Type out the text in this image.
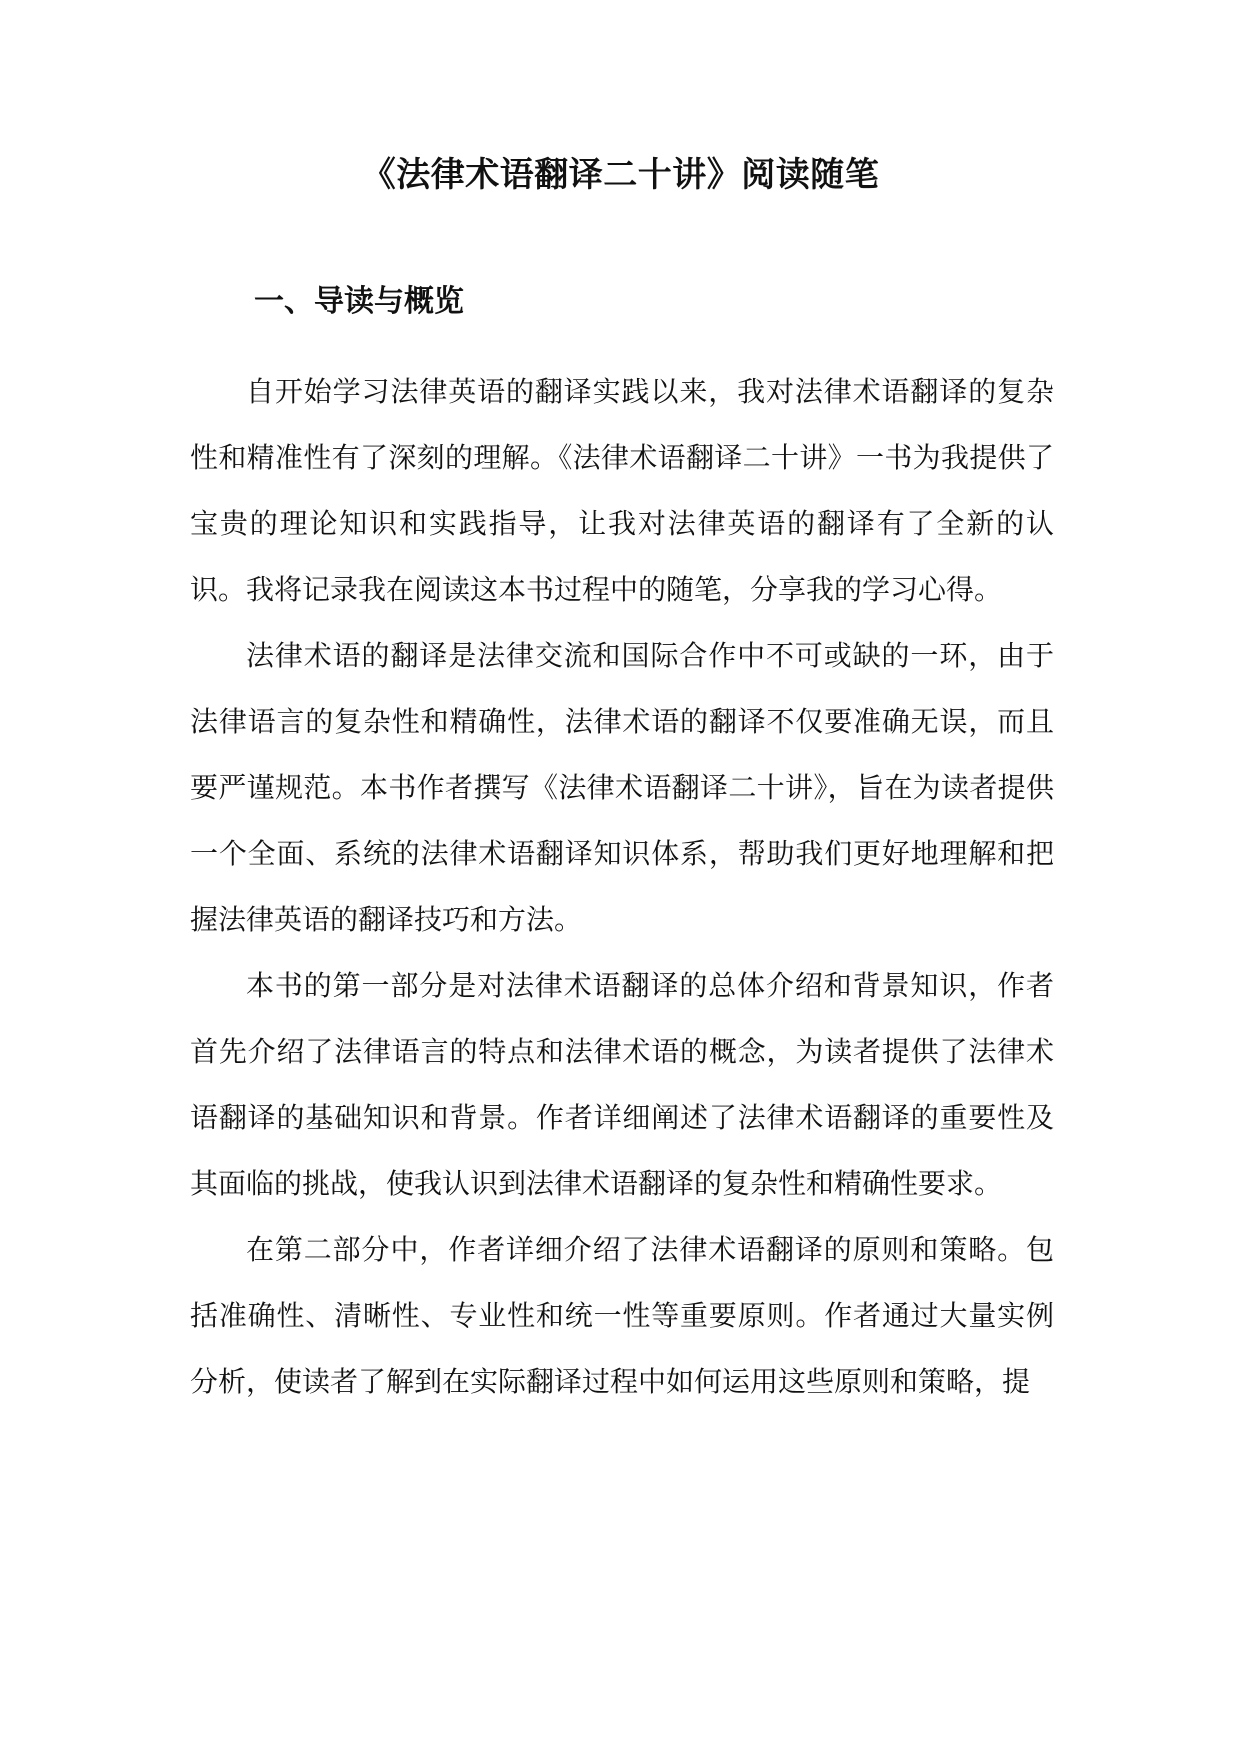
《法律术语翻译二十讲》阅读随笔
一、导读与概览

自开始学习法律英语的翻译实践以来，我对法律术语翻译的复杂性和精准性有了深刻的理解。《法律术语翻译二十讲》一书为我提供了宝贵的理论知识和实践指导，让我对法律英语的翻译有了全新的认识。我将记录我在阅读这本书过程中的随笔，分享我的学习心得。

法律术语的翻译是法律交流和国际合作中不可或缺的一环，由于法律语言的复杂性和精确性，法律术语的翻译不仅要准确无误，而且要严谨规范。本书作者撰写《法律术语翻译二十讲》，旨在为读者提供一个全面、系统的法律术语翻译知识体系，帮助我们更好地理解和把握法律英语的翻译技巧和方法。

本书的第一部分是对法律术语翻译的总体介绍和背景知识，作者首先介绍了法律语言的特点和法律术语的概念，为读者提供了法律术语翻译的基础知识和背景。作者详细阐述了法律术语翻译的重要性及其面临的挑战，使我认识到法律术语翻译的复杂性和精确性要求。

在第二部分中，作者详细介绍了法律术语翻译的原则和策略。包括准确性、清晰性、专业性和统一性等重要原则。作者通过大量实例分析，使读者了解到在实际翻译过程中如何运用这些原则和策略，提
